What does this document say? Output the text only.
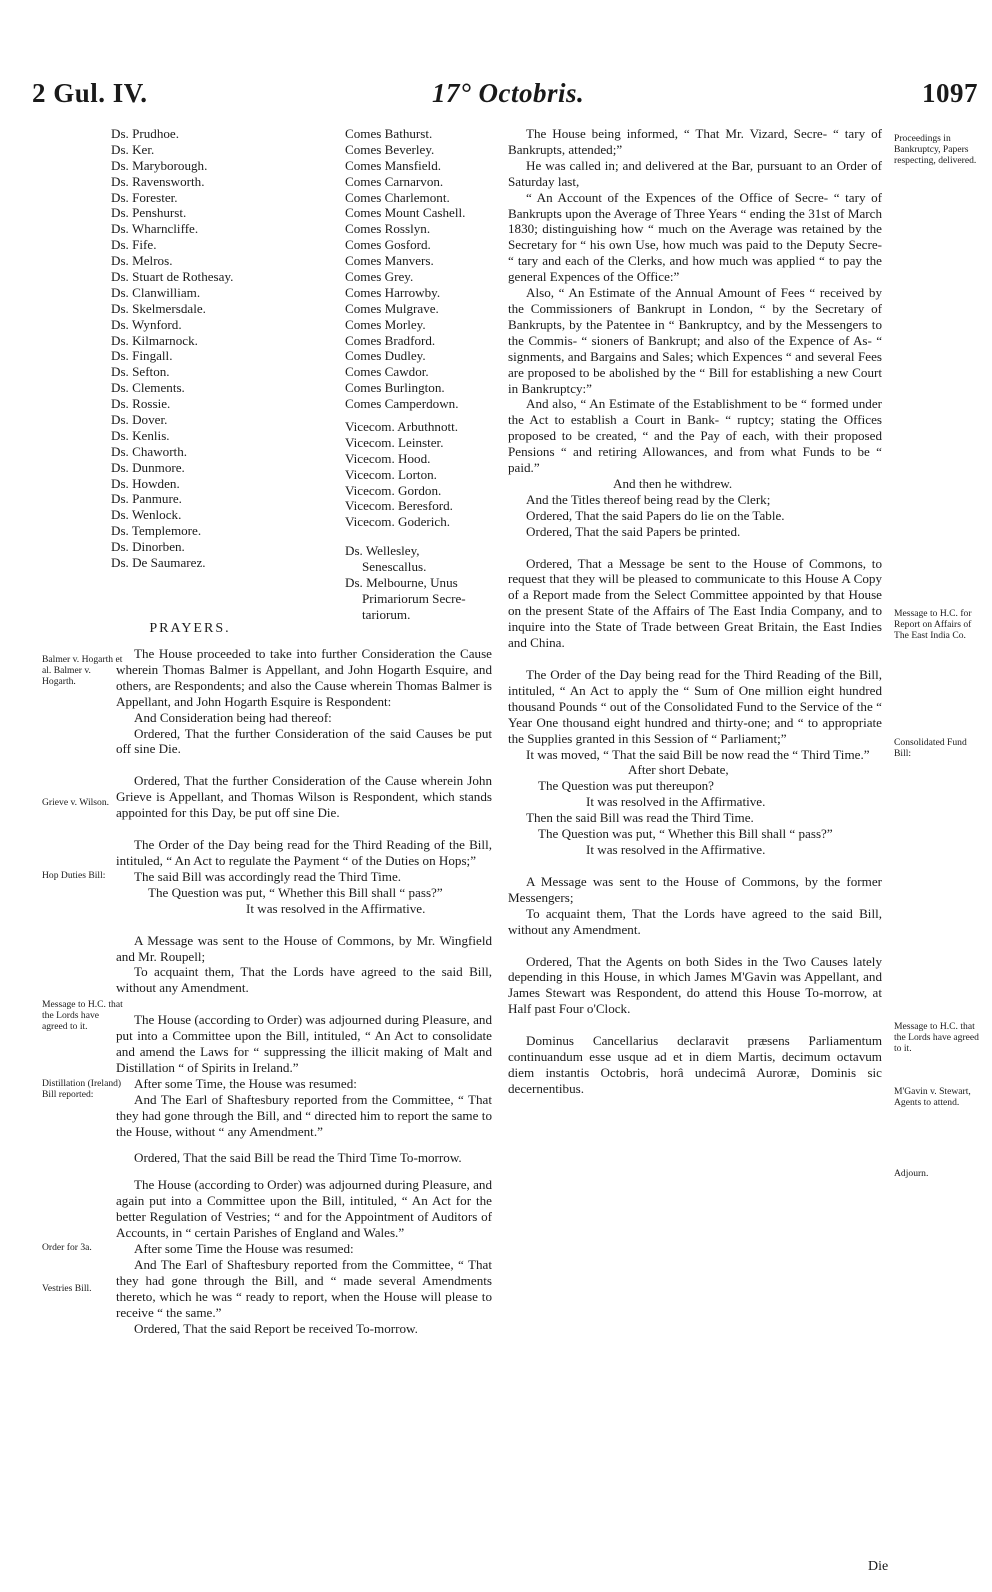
2 Gul. IV.	17° Octobris.	1097
Ds. Prudhoe.
Ds. Ker.
Ds. Maryborough.
Ds. Ravensworth.
Ds. Forester.
Ds. Penshurst.
Ds. Wharncliffe.
Ds. Fife.
Ds. Melros.
Ds. Stuart de Rothesay.
Ds. Clanwilliam.
Ds. Skelmersdale.
Ds. Wynford.
Ds. Kilmarnock.
Ds. Fingall.
Ds. Sefton.
Ds. Clements.
Ds. Rossie.
Ds. Dover.
Ds. Kenlis.
Ds. Chaworth.
Ds. Dunmore.
Ds. Howden.
Ds. Panmure.
Ds. Wenlock.
Ds. Templemore.
Ds. Dinorben.
Ds. De Saumarez.
Comes Bathurst.
Comes Beverley.
Comes Mansfield.
Comes Carnarvon.
Comes Charlemont.
Comes Mount Cashell.
Comes Rosslyn.
Comes Gosford.
Comes Manvers.
Comes Grey.
Comes Harrowby.
Comes Mulgrave.
Comes Morley.
Comes Bradford.
Comes Dudley.
Comes Cawdor.
Comes Burlington.
Comes Camperdown.
Vicecom. Arbuthnott.
Vicecom. Leinster.
Vicecom. Hood.
Vicecom. Lorton.
Vicecom. Gordon.
Vicecom. Beresford.
Vicecom. Goderich.
Ds. Wellesley,
Senescallus.
Ds. Melbourne, Unus
Primariorum Secre-
tariorum.
PRAYERS.
Balmer v. Hogarth et al. Balmer v. Hogarth.
Grieve v. Wilson.
Hop Duties Bill:
Message to H.C. that the Lords have agreed to it.
Distillation (Ireland) Bill reported:
Order for 3a.
Vestries Bill.

The House proceeded to take into further Consideration the Cause wherein Thomas Balmer is Appellant, and John Hogarth Esquire, and others, are Respondents; and also the Cause wherein Thomas Balmer is Appellant, and John Hogarth Esquire is Respondent:

And Consideration being had thereof:

Ordered, That the further Consideration of the said Causes be put off sine Die.

Ordered, That the further Consideration of the Cause wherein John Grieve is Appellant, and Thomas Wilson is Respondent, which stands appointed for this Day, be put off sine Die.

The Order of the Day being read for the Third Reading of the Bill, intituled, “ An Act to regulate the Payment “ of the Duties on Hops;”

The said Bill was accordingly read the Third Time.

The Question was put, “ Whether this Bill shall “ pass?”

It was resolved in the Affirmative.

A Message was sent to the House of Commons, by Mr. Wingfield and Mr. Roupell;

To acquaint them, That the Lords have agreed to the said Bill, without any Amendment.

The House (according to Order) was adjourned during Pleasure, and put into a Committee upon the Bill, intituled, “ An Act to consolidate and amend the Laws for “ suppressing the illicit making of Malt and Distillation “ of Spirits in Ireland.”

After some Time, the House was resumed:

And The Earl of Shaftesbury reported from the Committee, “ That they had gone through the Bill, and “ directed him to report the same to the House, without “ any Amendment.”

Ordered, That the said Bill be read the Third Time To-morrow.

The House (according to Order) was adjourned during Pleasure, and again put into a Committee upon the Bill, intituled, “ An Act for the better Regulation of Vestries; “ and for the Appointment of Auditors of Accounts, in “ certain Parishes of England and Wales.”

After some Time the House was resumed:

And The Earl of Shaftesbury reported from the Committee, “ That they had gone through the Bill, and “ made several Amendments thereto, which he was “ ready to report, when the House will please to receive “ the same.”

Ordered, That the said Report be received To-morrow.

Proceedings in Bankruptcy, Papers respecting, delivered.
Message to H.C. for Report on Affairs of The East India Co.
Consolidated Fund Bill:
Message to H.C. that the Lords have agreed to it.
M'Gavin v. Stewart, Agents to attend.
Adjourn.

The House being informed, “ That Mr. Vizard, Secre- “ tary of Bankrupts, attended;”

He was called in; and delivered at the Bar, pursuant to an Order of Saturday last,

“ An Account of the Expences of the Office of Secre- “ tary of Bankrupts upon the Average of Three Years “ ending the 31st of March 1830; distinguishing how “ much on the Average was retained by the Secretary for “ his own Use, how much was paid to the Deputy Secre- “ tary and each of the Clerks, and how much was applied “ to pay the general Expences of the Office:”

Also, “ An Estimate of the Annual Amount of Fees “ received by the Commissioners of Bankrupt in London, “ by the Secretary of Bankrupts, by the Patentee in “ Bankruptcy, and by the Messengers to the Commis- “ sioners of Bankrupt; and also of the Expence of As- “ signments, and Bargains and Sales; which Expences “ and several Fees are proposed to be abolished by the “ Bill for establishing a new Court in Bankruptcy:”

And also, “ An Estimate of the Establishment to be “ formed under the Act to establish a Court in Bank- “ ruptcy; stating the Offices proposed to be created, “ and the Pay of each, with their proposed Pensions “ and retiring Allowances, and from what Funds to be “ paid.”

And then he withdrew.

And the Titles thereof being read by the Clerk;

Ordered, That the said Papers do lie on the Table.

Ordered, That the said Papers be printed.

Ordered, That a Message be sent to the House of Commons, to request that they will be pleased to communicate to this House A Copy of a Report made from the Select Committee appointed by that House on the present State of the Affairs of The East India Company, and to inquire into the State of Trade between Great Britain, the East Indies and China.

The Order of the Day being read for the Third Reading of the Bill, intituled, “ An Act to apply the “ Sum of One million eight hundred thousand Pounds “ out of the Consolidated Fund to the Service of the “ Year One thousand eight hundred and thirty-one; and “ to appropriate the Supplies granted in this Session of “ Parliament;”

It was moved, “ That the said Bill be now read the “ Third Time.”

After short Debate,

The Question was put thereupon?

It was resolved in the Affirmative.

Then the said Bill was read the Third Time.

The Question was put, “ Whether this Bill shall “ pass?”

It was resolved in the Affirmative.

A Message was sent to the House of Commons, by the former Messengers;

To acquaint them, That the Lords have agreed to the said Bill, without any Amendment.

Ordered, That the Agents on both Sides in the Two Causes lately depending in this House, in which James M'Gavin was Appellant, and James Stewart was Respondent, do attend this House To-morrow, at Half past Four o'Clock.

Dominus Cancellarius declaravit præsens Parliamentum continuandum esse usque ad et in diem Martis, decimum octavum diem instantis Octobris, horâ undecimâ Auroræ, Dominis sic decernentibus.

Die
